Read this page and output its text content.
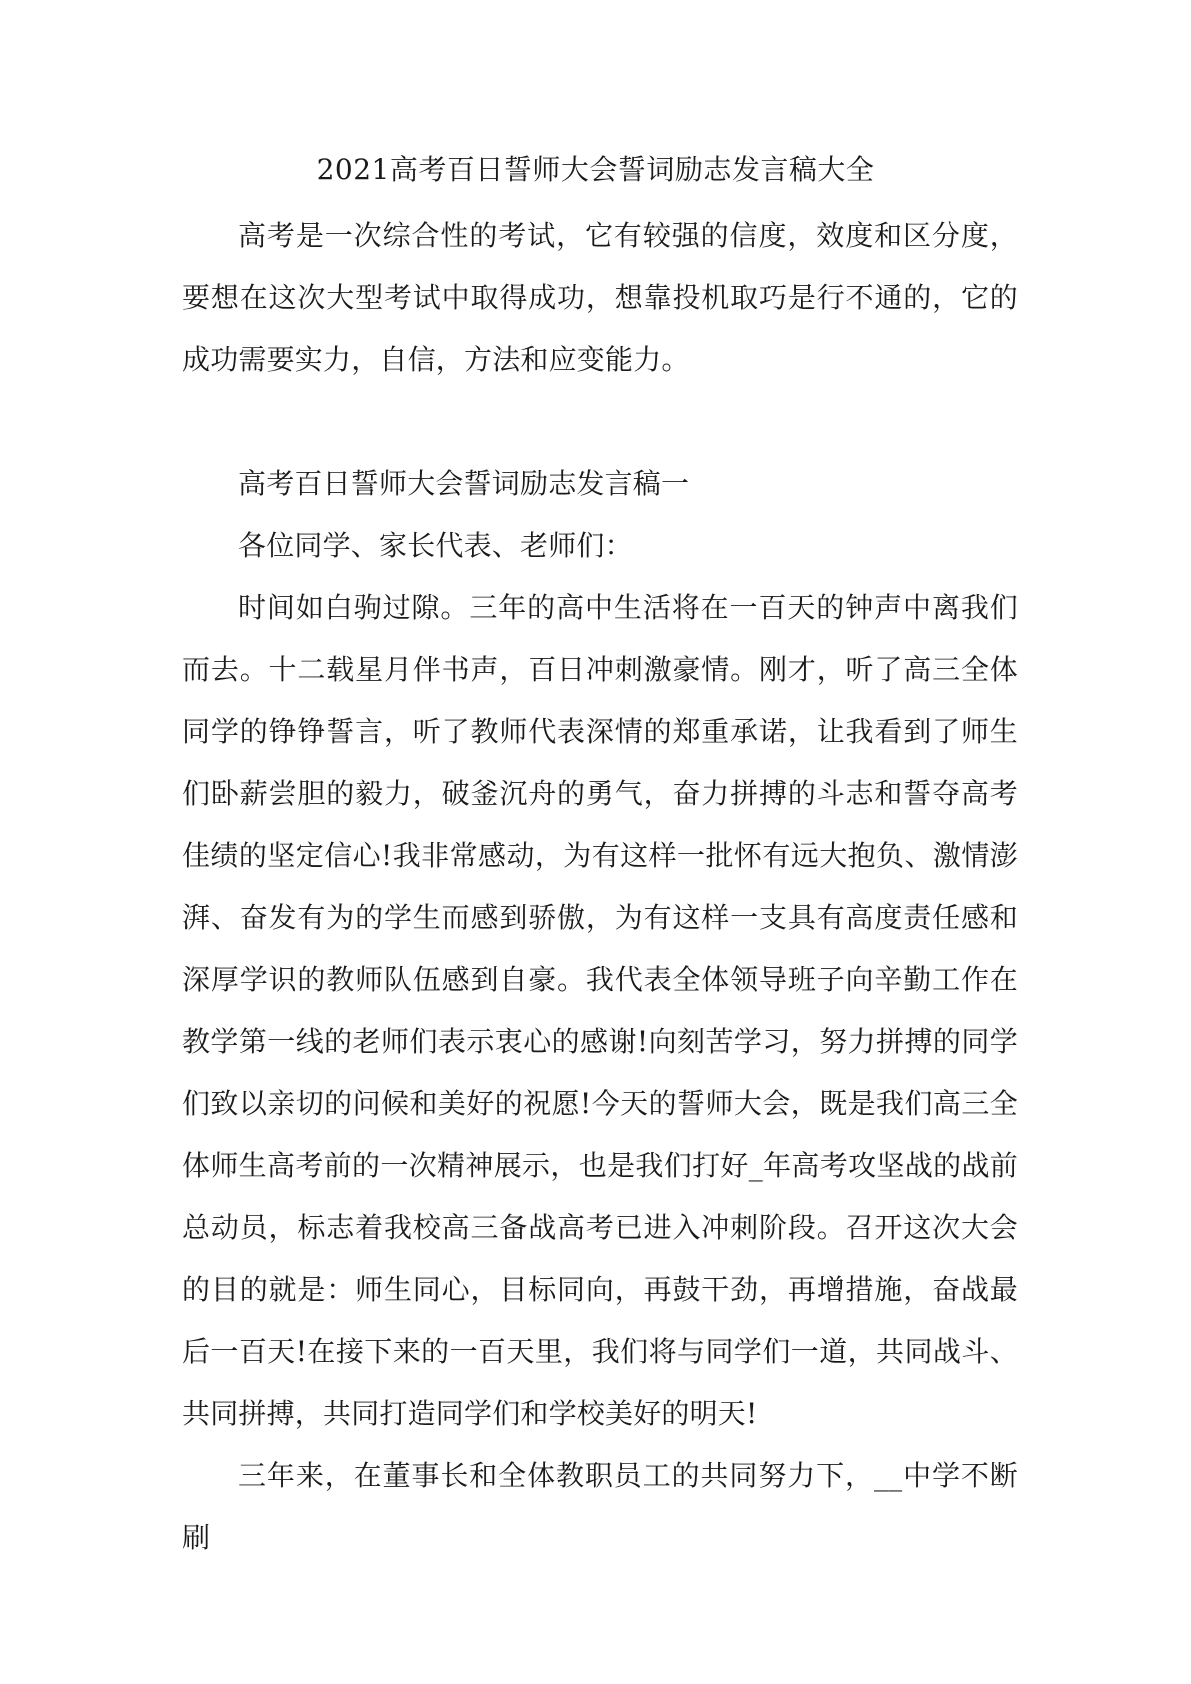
2021高考百日誓师大会誓词励志发言稿大全

高考是一次综合性的考试，它有较强的信度，效度和区分度，要想在这次大型考试中取得成功，想靠投机取巧是行不通的，它的成功需要实力，自信，方法和应变能力。

高考百日誓师大会誓词励志发言稿一

各位同学、家长代表、老师们：

时间如白驹过隙。三年的高中生活将在一百天的钟声中离我们而去。十二载星月伴书声，百日冲刺激豪情。刚才，听了高三全体同学的铮铮誓言，听了教师代表深情的郑重承诺，让我看到了师生们卧薪尝胆的毅力，破釜沉舟的勇气，奋力拼搏的斗志和誓夺高考佳绩的坚定信心!我非常感动，为有这样一批怀有远大抱负、激情澎湃、奋发有为的学生而感到骄傲，为有这样一支具有高度责任感和深厚学识的教师队伍感到自豪。我代表全体领导班子向辛勤工作在教学第一线的老师们表示衷心的感谢!向刻苦学习，努力拼搏的同学们致以亲切的问候和美好的祝愿!今天的誓师大会，既是我们高三全体师生高考前的一次精神展示，也是我们打好_年高考攻坚战的战前总动员，标志着我校高三备战高考已进入冲刺阶段。召开这次大会的目的就是：师生同心，目标同向，再鼓干劲，再增措施，奋战最后一百天!在接下来的一百天里，我们将与同学们一道，共同战斗、共同拼搏，共同打造同学们和学校美好的明天!

三年来，在董事长和全体教职员工的共同努力下，__中学不断刷
